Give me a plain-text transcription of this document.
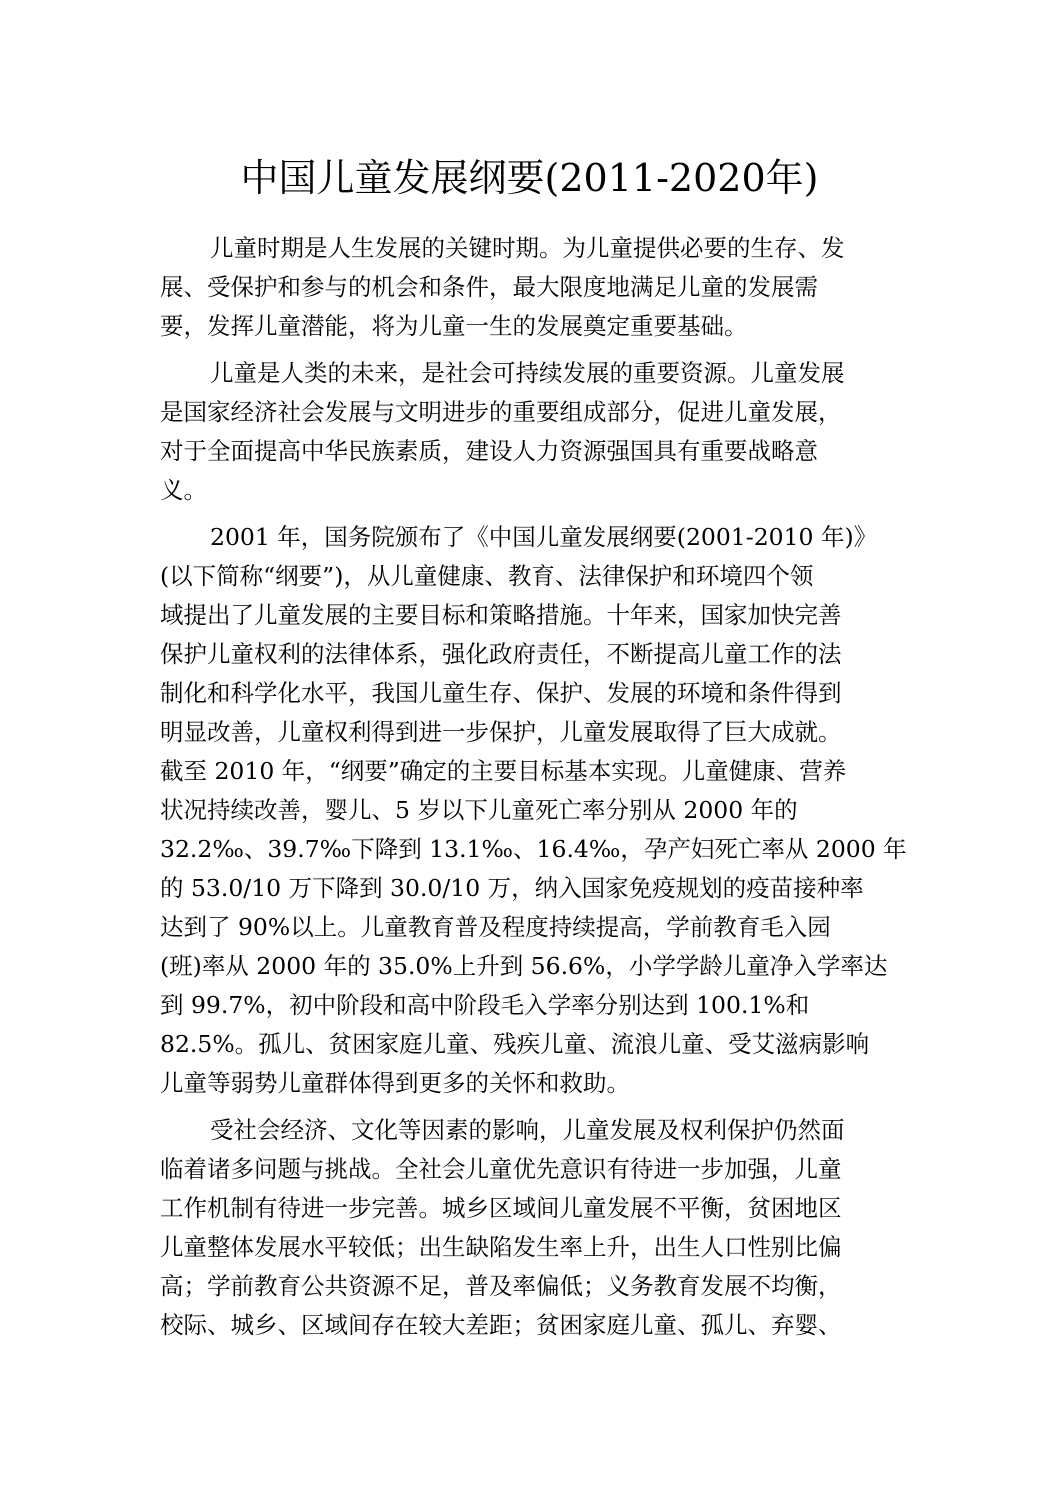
中国儿童发展纲要(2011-2020年)
儿童时期是人生发展的关键时期。为儿童提供必要的生存、发
展、受保护和参与的机会和条件，最大限度地满足儿童的发展需
要，发挥儿童潜能，将为儿童一生的发展奠定重要基础。
儿童是人类的未来，是社会可持续发展的重要资源。儿童发展
是国家经济社会发展与文明进步的重要组成部分，促进儿童发展，
对于全面提高中华民族素质，建设人力资源强国具有重要战略意
义。
2001 年，国务院颁布了《中国儿童发展纲要(2001-2010 年)》
(以下简称“纲要”)，从儿童健康、教育、法律保护和环境四个领
域提出了儿童发展的主要目标和策略措施。十年来，国家加快完善
保护儿童权利的法律体系，强化政府责任，不断提高儿童工作的法
制化和科学化水平，我国儿童生存、保护、发展的环境和条件得到
明显改善，儿童权利得到进一步保护，儿童发展取得了巨大成就。
截至 2010 年，“纲要”确定的主要目标基本实现。儿童健康、营养
状况持续改善，婴儿、5 岁以下儿童死亡率分别从 2000 年的
32.2‰、39.7‰下降到 13.1‰、16.4‰，孕产妇死亡率从 2000 年
的 53.0/10 万下降到 30.0/10 万，纳入国家免疫规划的疫苗接种率
达到了 90%以上。儿童教育普及程度持续提高，学前教育毛入园
(班)率从 2000 年的 35.0%上升到 56.6%，小学学龄儿童净入学率达
到 99.7%，初中阶段和高中阶段毛入学率分别达到 100.1%和
82.5%。孤儿、贫困家庭儿童、残疾儿童、流浪儿童、受艾滋病影响
儿童等弱势儿童群体得到更多的关怀和救助。
受社会经济、文化等因素的影响，儿童发展及权利保护仍然面
临着诸多问题与挑战。全社会儿童优先意识有待进一步加强，儿童
工作机制有待进一步完善。城乡区域间儿童发展不平衡，贫困地区
儿童整体发展水平较低；出生缺陷发生率上升，出生人口性别比偏
高；学前教育公共资源不足，普及率偏低；义务教育发展不均衡，
校际、城乡、区域间存在较大差距；贫困家庭儿童、孤儿、弃婴、
